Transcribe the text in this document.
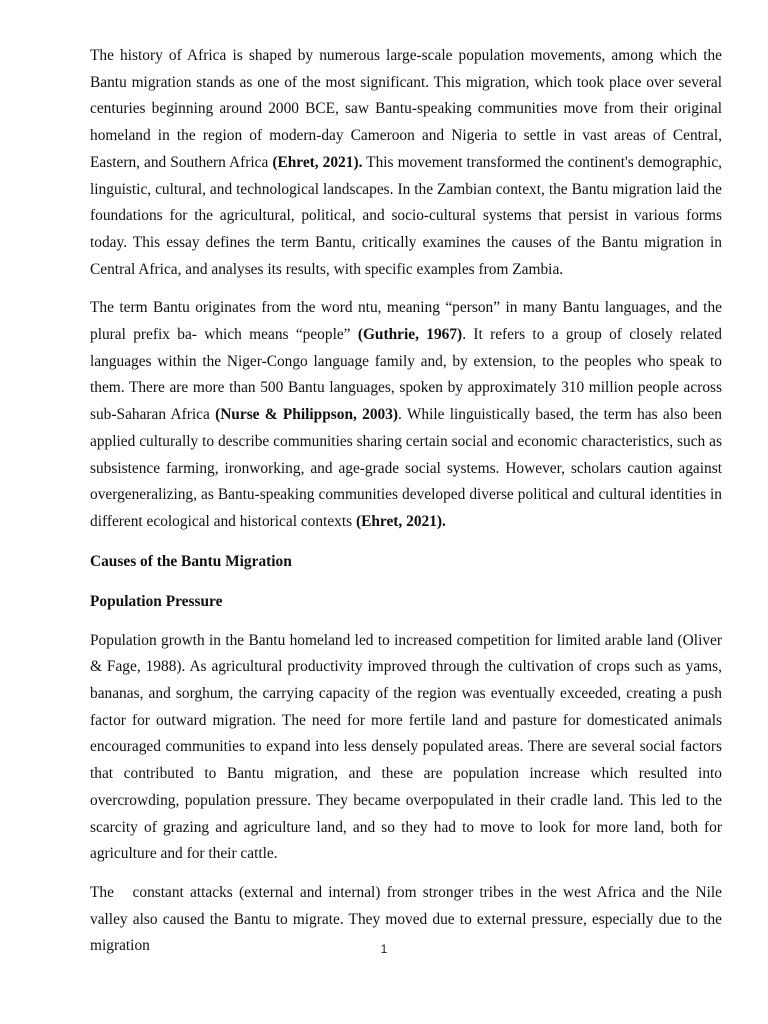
The history of Africa is shaped by numerous large-scale population movements, among which the Bantu migration stands as one of the most significant. This migration, which took place over several centuries beginning around 2000 BCE, saw Bantu-speaking communities move from their original homeland in the region of modern-day Cameroon and Nigeria to settle in vast areas of Central, Eastern, and Southern Africa (Ehret, 2021). This movement transformed the continent's demographic, linguistic, cultural, and technological landscapes. In the Zambian context, the Bantu migration laid the foundations for the agricultural, political, and socio-cultural systems that persist in various forms today. This essay defines the term Bantu, critically examines the causes of the Bantu migration in Central Africa, and analyses its results, with specific examples from Zambia.

The term Bantu originates from the word ntu, meaning “person” in many Bantu languages, and the plural prefix ba- which means “people” (Guthrie, 1967). It refers to a group of closely related languages within the Niger-Congo language family and, by extension, to the peoples who speak to them. There are more than 500 Bantu languages, spoken by approximately 310 million people across sub-Saharan Africa (Nurse & Philippson, 2003). While linguistically based, the term has also been applied culturally to describe communities sharing certain social and economic characteristics, such as subsistence farming, ironworking, and age-grade social systems. However, scholars caution against overgeneralizing, as Bantu-speaking communities developed diverse political and cultural identities in different ecological and historical contexts (Ehret, 2021).

Causes of the Bantu Migration
Population Pressure

Population growth in the Bantu homeland led to increased competition for limited arable land (Oliver & Fage, 1988). As agricultural productivity improved through the cultivation of crops such as yams, bananas, and sorghum, the carrying capacity of the region was eventually exceeded, creating a push factor for outward migration. The need for more fertile land and pasture for domesticated animals encouraged communities to expand into less densely populated areas. There are several social factors that contributed to Bantu migration, and these are population increase which resulted into overcrowding, population pressure. They became overpopulated in their cradle land. This led to the scarcity of grazing and agriculture land, and so they had to move to look for more land, both for agriculture and for their cattle.

The   constant attacks (external and internal) from stronger tribes in the west Africa and the Nile valley also caused the Bantu to migrate. They moved due to external pressure, especially due to the migration	1
